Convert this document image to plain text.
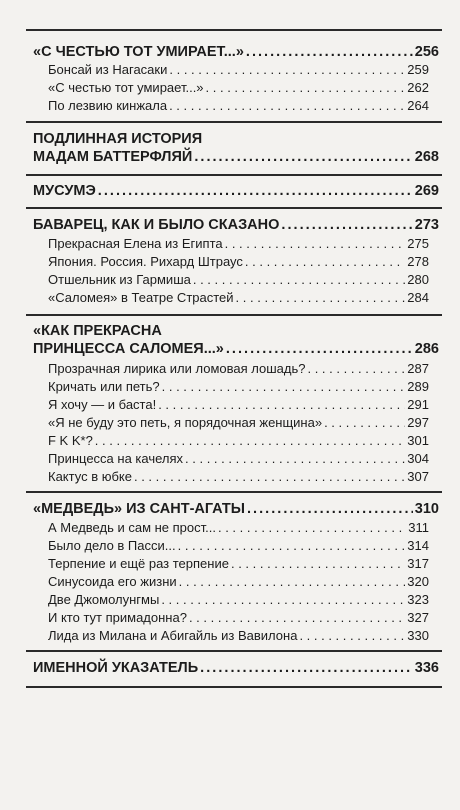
«С ЧЕСТЬЮ ТОТ УМИРАЕТ...» . . .	256
Бонсай из Нагасаки . . .	259
«С честью тот умирает...» . . .	262
По лезвию кинжала . . .	264
ПОДЛИННАЯ ИСТОРИЯ
МАДАМ БАТТЕРФЛЯЙ . . .	268
МУСУМЭ . . .	269
БАВАРЕЦ, КАК И БЫЛО СКАЗАНО . . .	273
Прекрасная Елена из Египта . . .	275
Япония. Россия. Рихард Штраус . . .	278
Отшельник из Гармиша . . .	280
«Саломея» в Театре Страстей . . .	284
«КАК ПРЕКРАСНА
ПРИНЦЕССА САЛОМЕЯ...» . . .	286
Прозрачная лирика или ломовая лошадь? . . .	287
Кричать или петь? . . .	289
Я хочу — и баста! . . .	291
«Я не буду это петь, я порядочная женщина» . . .	297
F K K*? . . .	301
Принцесса на качелях . . .	304
Кактус в юбке . . .	307
«МЕДВЕДЬ» ИЗ САНТ-АГАТЫ . . .	310
А Медведь и сам не прост... . . .	311
Было дело в Пасси... . . .	314
Терпение и ещё раз терпение . . .	317
Синусоида его жизни . . .	320
Две Джомолунгмы . . .	323
И кто тут примадонна? . . .	327
Лида из Милана и Абигайль из Вавилона . . .	330
ИМЕННОЙ УКАЗАТЕЛЬ . . .	336
